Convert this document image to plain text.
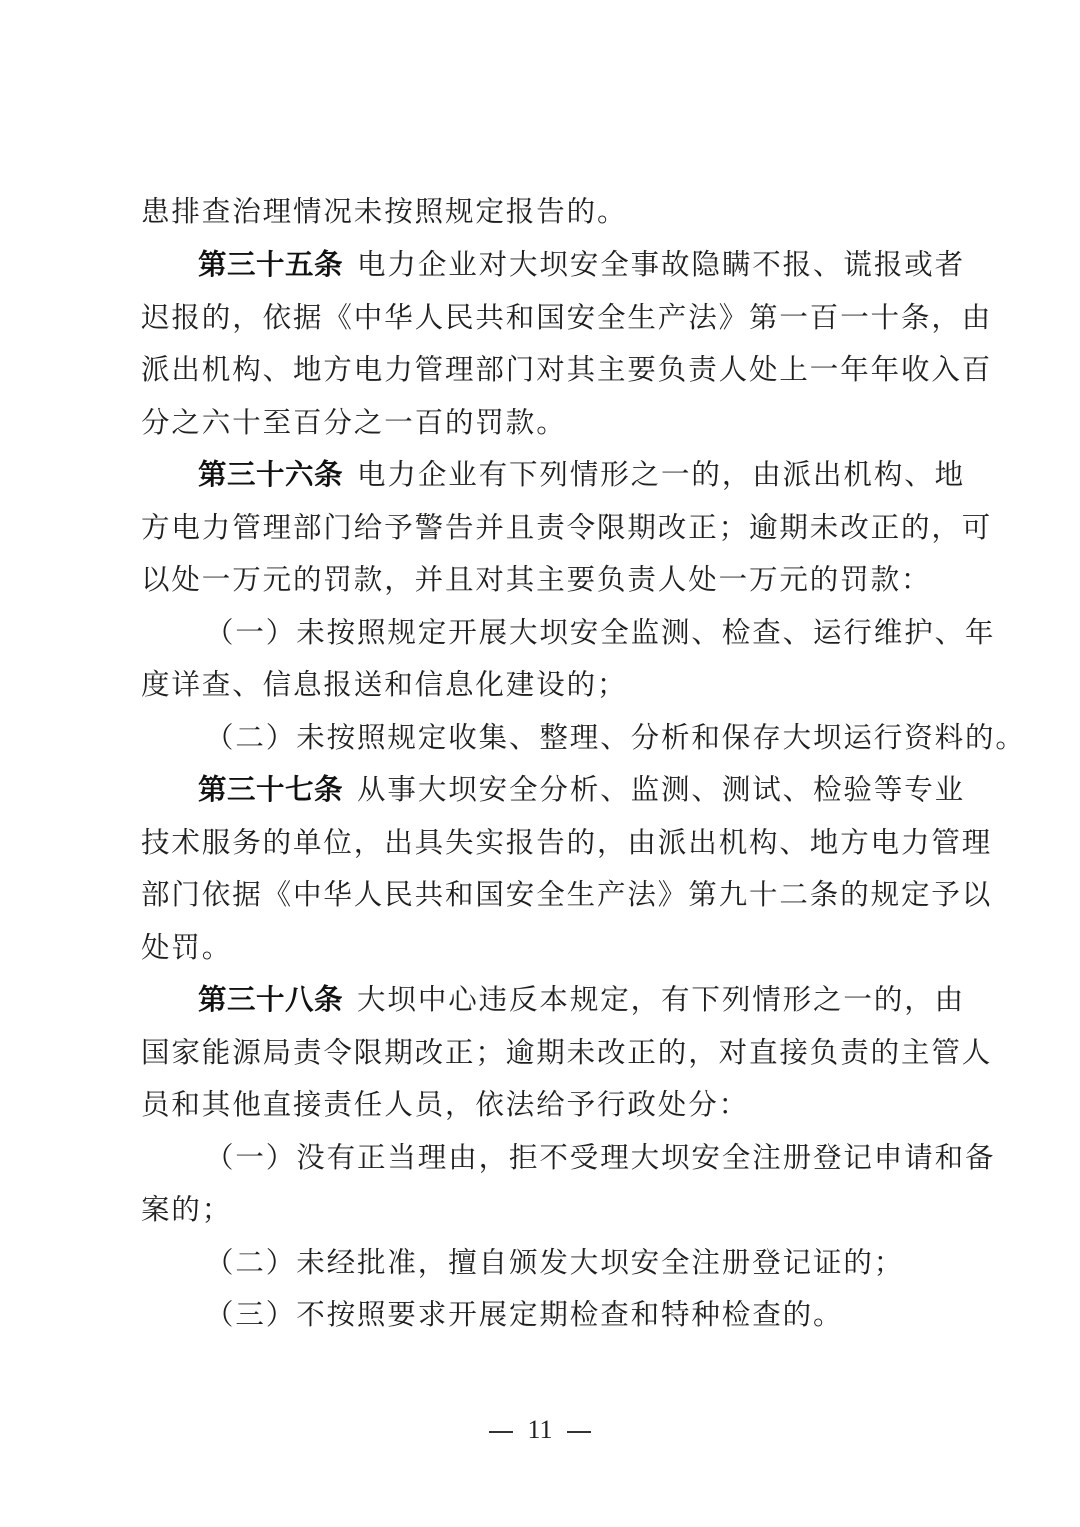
患排查治理情况未按照规定报告的。
第三十五条 电力企业对大坝安全事故隐瞒不报、谎报或者
迟报的，依据《中华人民共和国安全生产法》第一百一十条，由
派出机构、地方电力管理部门对其主要负责人处上一年年收入百
分之六十至百分之一百的罚款。
第三十六条 电力企业有下列情形之一的，由派出机构、地
方电力管理部门给予警告并且责令限期改正；逾期未改正的，可
以处一万元的罚款，并且对其主要负责人处一万元的罚款：
（一）未按照规定开展大坝安全监测、检查、运行维护、年
度详查、信息报送和信息化建设的；
（二）未按照规定收集、整理、分析和保存大坝运行资料的。
第三十七条 从事大坝安全分析、监测、测试、检验等专业
技术服务的单位，出具失实报告的，由派出机构、地方电力管理
部门依据《中华人民共和国安全生产法》第九十二条的规定予以
处罚。
第三十八条 大坝中心违反本规定，有下列情形之一的，由
国家能源局责令限期改正；逾期未改正的，对直接负责的主管人
员和其他直接责任人员，依法给予行政处分：
（一）没有正当理由，拒不受理大坝安全注册登记申请和备
案的；
（二）未经批准，擅自颁发大坝安全注册登记证的；
（三）不按照要求开展定期检查和特种检查的。
11
